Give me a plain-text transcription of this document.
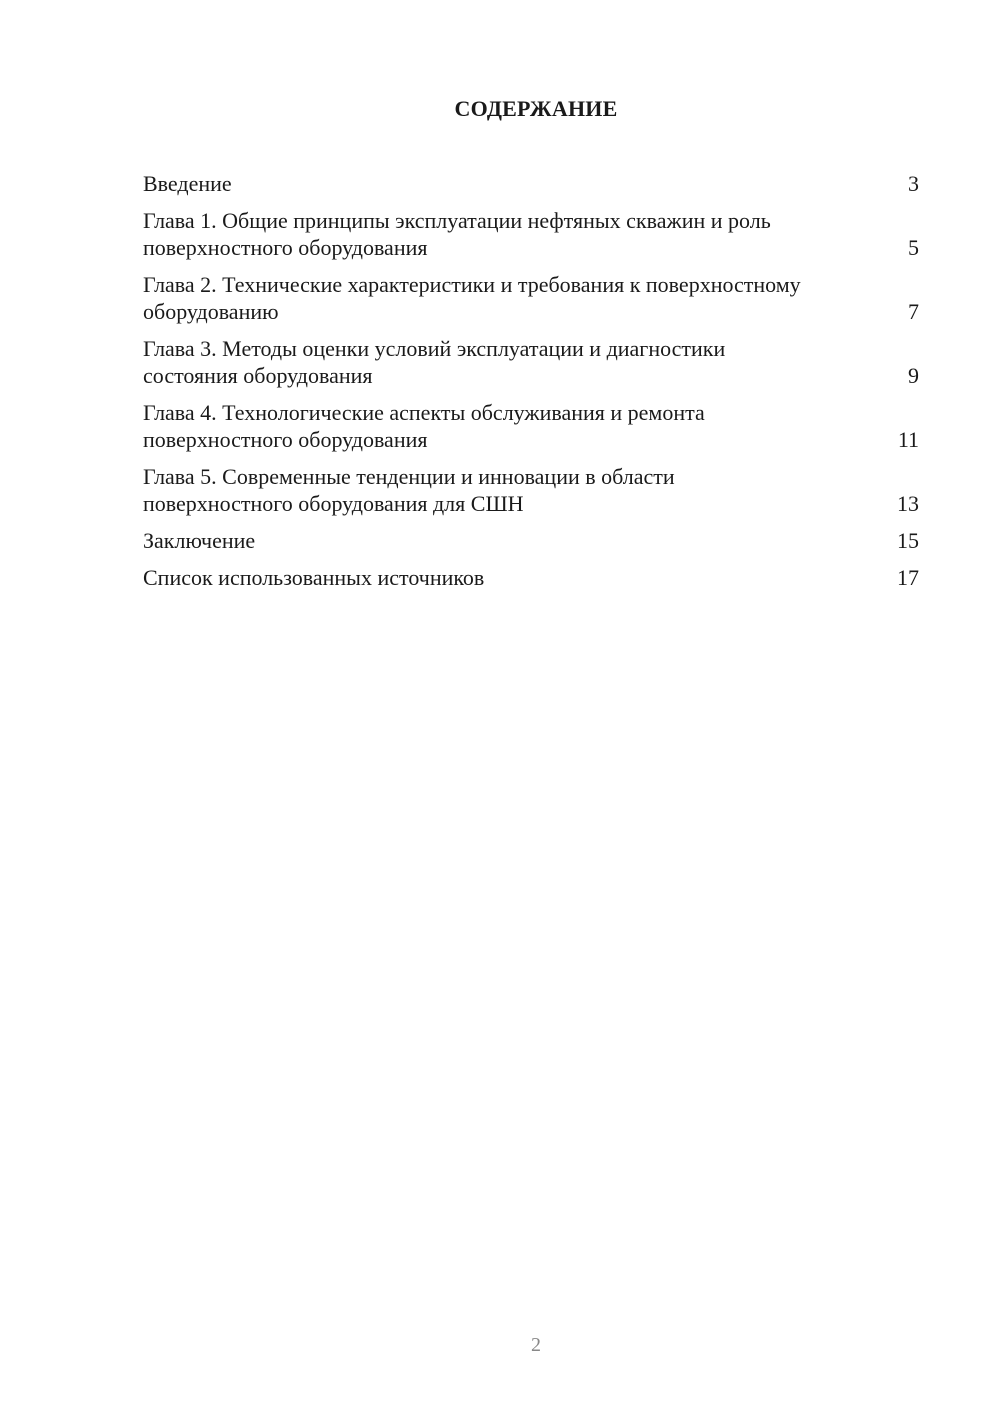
СОДЕРЖАНИЕ
Введение	3
Глава 1. Общие принципы эксплуатации нефтяных скважин и роль поверхностного оборудования	5
Глава 2. Технические характеристики и требования к поверхностному оборудованию	7
Глава 3. Методы оценки условий эксплуатации и диагностики состояния оборудования	9
Глава 4. Технологические аспекты обслуживания и ремонта поверхностного оборудования	11
Глава 5. Современные тенденции и инновации в области поверхностного оборудования для СШН	13
Заключение	15
Список использованных источников	17
2
